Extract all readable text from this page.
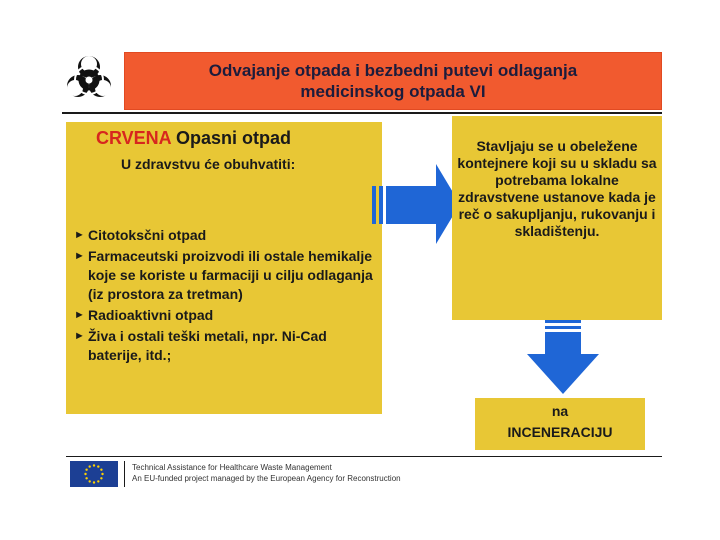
Odvajanje otpada i bezbedni putevi odlaganja
medicinskog otpada VI
CRVENA Opasni otpad
U zdravstvu će obuhvatiti:
► Citotoksčni otpad
► Farmaceutski proizvodi ili ostale hemikalje koje se koriste u farmaciji u cilju odlaganja (iz prostora za tretman)
► Radioaktivni otpad
► Živa i ostali teški metali, npr. Ni-Cad baterije, itd.;
Stavljaju se u obeležene kontejnere koji su u skladu sa potrebama lokalne zdravstvene ustanove kada je reč o sakupljanju, rukovanju i skladištenju.
na
INCENERACIJU
Technical Assistance for Healthcare Waste Management
An EU-funded project managed by the European Agency for Reconstruction
